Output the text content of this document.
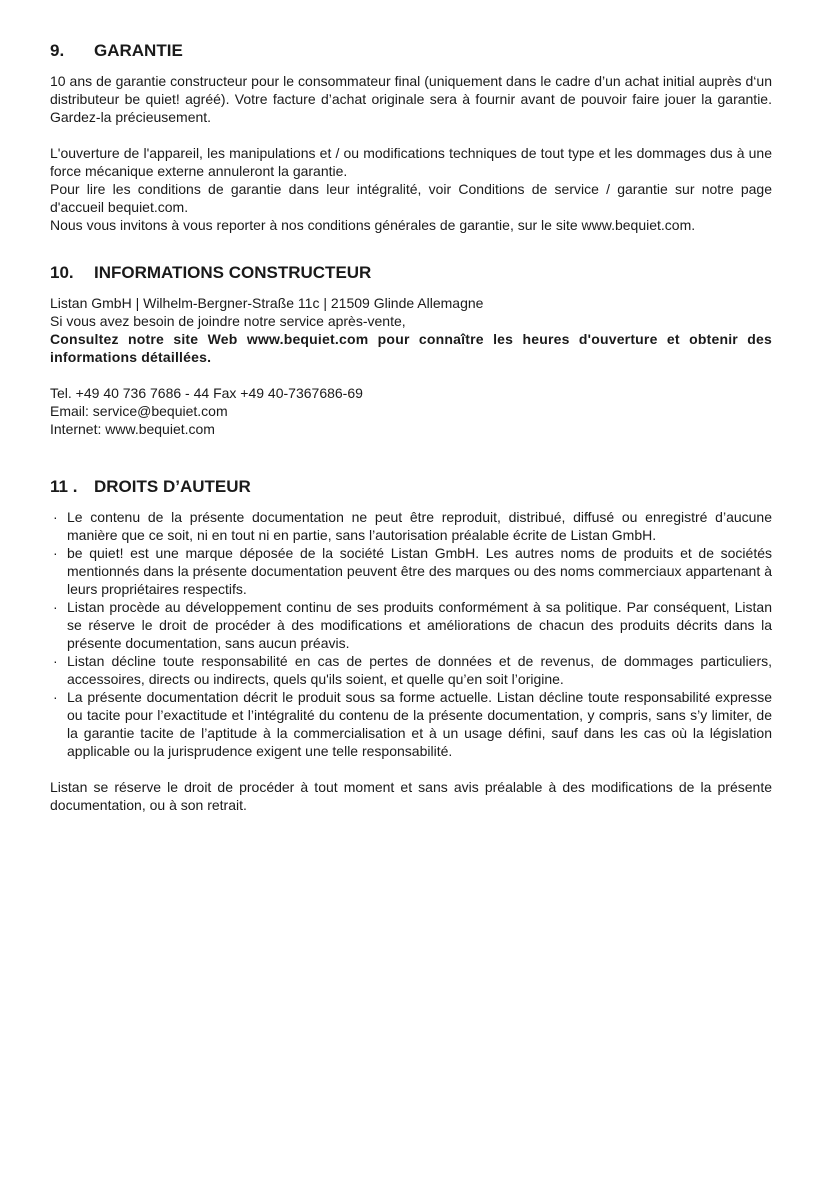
9. GARANTIE

10 ans de garantie constructeur pour le consommateur final (uniquement dans le cadre d’un achat initial auprès d‘un distributeur be quiet! agréé). Votre facture d’achat originale sera à fournir avant de pouvoir faire jouer la garantie. Gardez-la précieusement.

L'ouverture de l'appareil, les manipulations et / ou modifications techniques de tout type et les dommages dus à une force mécanique externe annuleront la garantie.

Pour lire les conditions de garantie dans leur intégralité, voir Conditions de service / garantie sur notre page d'accueil bequiet.com.

Nous vous invitons à vous reporter à nos conditions générales de garantie, sur le site www.bequiet.com.

10. INFORMATIONS CONSTRUCTEUR

Listan GmbH | Wilhelm-Bergner-Straße 11c | 21509 Glinde Allemagne

Si vous avez besoin de joindre notre service après-vente,

Consultez notre site Web www.bequiet.com pour connaître les heures d'ouverture et obtenir des informations détaillées.

Tel. +49 40 736 7686 - 44 Fax +49 40-7367686-69

Email: service@bequiet.com

Internet: www.bequiet.com

11 . DROITS D’AUTEUR
· Le contenu de la présente documentation ne peut être reproduit, distribué, diffusé ou enregistré d’aucune manière que ce soit, ni en tout ni en partie, sans l’autorisation préalable écrite de Listan GmbH.
· be quiet! est une marque déposée de la société Listan GmbH. Les autres noms de produits et de sociétés mentionnés dans la présente documentation peuvent être des marques ou des noms commerciaux appartenant à leurs propriétaires respectifs.
· Listan procède au développement continu de ses produits conformément à sa politique. Par conséquent, Listan se réserve le droit de procéder à des modifications et améliorations de chacun des produits décrits dans la présente documentation, sans aucun préavis.
· Listan décline toute responsabilité en cas de pertes de données et de revenus, de dommages particuliers, accessoires, directs ou indirects, quels qu'ils soient, et quelle qu’en soit l’origine.
· La présente documentation décrit le produit sous sa forme actuelle. Listan décline toute responsabilité expresse ou tacite pour l’exactitude et l’intégralité du contenu de la présente documentation, y compris, sans s’y limiter, de la garantie tacite de l’aptitude à la commercialisation et à un usage défini, sauf dans les cas où la législation applicable ou la jurisprudence exigent une telle responsabilité.

Listan se réserve le droit de procéder à tout moment et sans avis préalable à des modifications de la présente documentation, ou à son retrait.
